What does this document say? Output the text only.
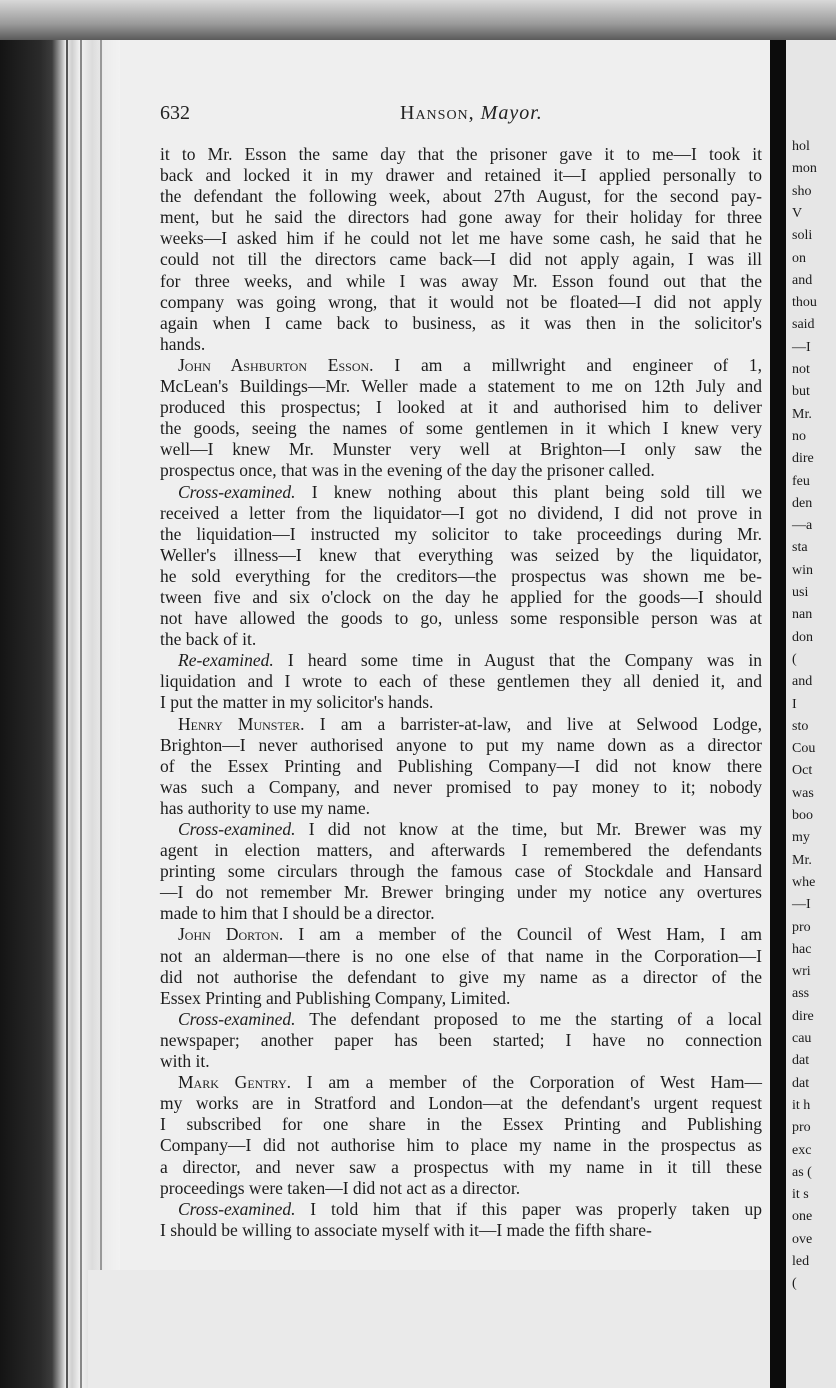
632	Hanson, Mayor.
it to Mr. Esson the same day that the prisoner gave it to me—I took it
back and locked it in my drawer and retained it—I applied personally to
the defendant the following week, about 27th August, for the second pay-
ment, but he said the directors had gone away for their holiday for three
weeks—I asked him if he could not let me have some cash, he said that he
could not till the directors came back—I did not apply again, I was ill
for three weeks, and while I was away Mr. Esson found out that the
company was going wrong, that it would not be floated—I did not apply
again when I came back to business, as it was then in the solicitor's
hands.
John Ashburton Esson. I am a millwright and engineer of 1,
McLean's Buildings—Mr. Weller made a statement to me on 12th July and
produced this prospectus; I looked at it and authorised him to deliver
the goods, seeing the names of some gentlemen in it which I knew very
well—I knew Mr. Munster very well at Brighton—I only saw the
prospectus once, that was in the evening of the day the prisoner called.
Cross-examined. I knew nothing about this plant being sold till we
received a letter from the liquidator—I got no dividend, I did not prove in
the liquidation—I instructed my solicitor to take proceedings during Mr.
Weller's illness—I knew that everything was seized by the liquidator,
he sold everything for the creditors—the prospectus was shown me be-
tween five and six o'clock on the day he applied for the goods—I should
not have allowed the goods to go, unless some responsible person was at
the back of it.
Re-examined. I heard some time in August that the Company was in
liquidation and I wrote to each of these gentlemen they all denied it, and
I put the matter in my solicitor's hands.
Henry Munster. I am a barrister-at-law, and live at Selwood Lodge,
Brighton—I never authorised anyone to put my name down as a director
of the Essex Printing and Publishing Company—I did not know there
was such a Company, and never promised to pay money to it; nobody
has authority to use my name.
Cross-examined. I did not know at the time, but Mr. Brewer was my
agent in election matters, and afterwards I remembered the defendants
printing some circulars through the famous case of Stockdale and Hansard
—I do not remember Mr. Brewer bringing under my notice any overtures
made to him that I should be a director.
John Dorton. I am a member of the Council of West Ham, I am
not an alderman—there is no one else of that name in the Corporation—I
did not authorise the defendant to give my name as a director of the
Essex Printing and Publishing Company, Limited.
Cross-examined. The defendant proposed to me the starting of a local
newspaper; another paper has been started; I have no connection
with it.
Mark Gentry. I am a member of the Corporation of West Ham—
my works are in Stratford and London—at the defendant's urgent request
I subscribed for one share in the Essex Printing and Publishing
Company—I did not authorise him to place my name in the prospectus as
a director, and never saw a prospectus with my name in it till these
proceedings were taken—I did not act as a director.
Cross-examined. I told him that if this paper was properly taken up
I should be willing to associate myself with it—I made the fifth share-
hol
mon
sho
V
soli
on
and
thou
said
—I
not
but
Mr.
no
dire
feu
den
—a
sta
win
usi
nan
don
(
and
I
sto
Cou
Oct
was
boo
my
Mr.
whe
—I
pro
hac
wri
ass
dire
cau
dat
dat
it h
pro
exc
as (
it s
one
ove
led
(
